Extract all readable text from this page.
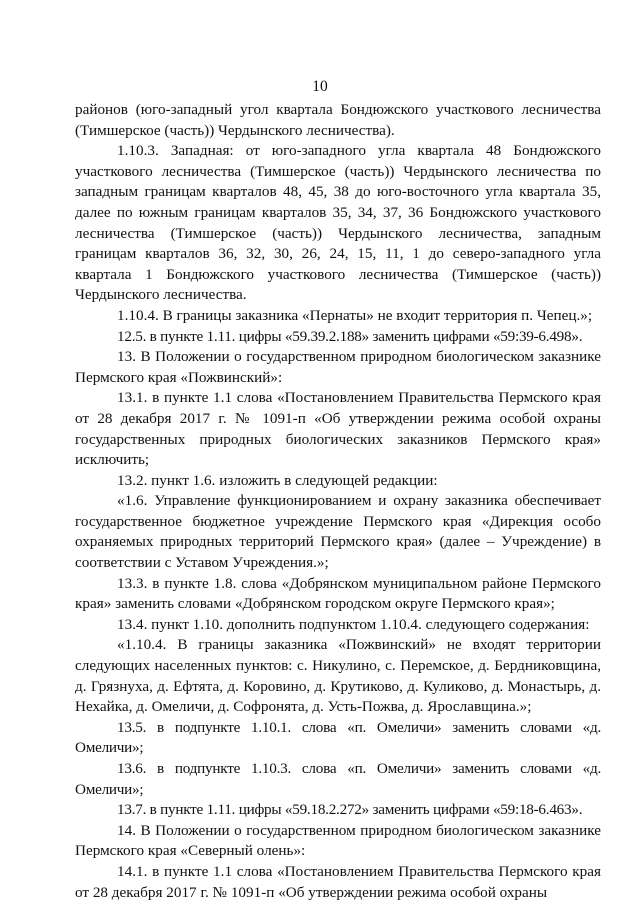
10

районов (юго-западный угол квартала Бондюжского участкового лесничества (Тимшерское (часть)) Чердынского лесничества).

1.10.3. Западная: от юго-западного угла квартала 48 Бондюжского участкового лесничества (Тимшерское (часть)) Чердынского лесничества по западным границам кварталов 48, 45, 38 до юго-восточного угла квартала 35, далее по южным границам кварталов 35, 34, 37, 36 Бондюжского участкового лесничества (Тимшерское (часть)) Чердынского лесничества, западным границам кварталов 36, 32, 30, 26, 24, 15, 11, 1 до северо-западного угла квартала 1 Бондюжского участкового лесничества (Тимшерское (часть)) Чердынского лесничества.

1.10.4. В границы заказника «Пернаты» не входит территория п. Чепец.»;

12.5. в пункте 1.11. цифры «59.39.2.188» заменить цифрами «59:39-6.498».

13. В Положении о государственном природном биологическом заказнике Пермского края «Пожвинский»:

13.1. в пункте 1.1 слова «Постановлением Правительства Пермского края от 28 декабря 2017 г. № 1091-п «Об утверждении режима особой охраны государственных природных биологических заказников Пермского края» исключить;

13.2. пункт 1.6. изложить в следующей редакции:

«1.6. Управление функционированием и охрану заказника обеспечивает государственное бюджетное учреждение Пермского края «Дирекция особо охраняемых природных территорий Пермского края» (далее – Учреждение) в соответствии с Уставом Учреждения.»;

13.3. в пункте 1.8. слова «Добрянском муниципальном районе Пермского края» заменить словами «Добрянском городском округе Пермского края»;

13.4. пункт 1.10. дополнить подпунктом 1.10.4. следующего содержания:

«1.10.4. В границы заказника «Пожвинский» не входят территории следующих населенных пунктов: с. Никулино, с. Перемское, д. Бердниковщина, д. Грязнуха, д. Ефтята, д. Коровино, д. Крутиково, д. Куликово, д. Монастырь, д. Нехайка, д. Омеличи, д. Софронята, д. Усть-Пожва, д. Ярославщина.»;

13.5. в подпункте 1.10.1. слова «п. Омеличи» заменить словами «д. Омеличи»;

13.6. в подпункте 1.10.3. слова «п. Омеличи» заменить словами «д. Омеличи»;

13.7. в пункте 1.11. цифры «59.18.2.272» заменить цифрами «59:18-6.463».

14. В Положении о государственном природном биологическом заказнике Пермского края «Северный олень»:

14.1. в пункте 1.1 слова «Постановлением Правительства Пермского края от 28 декабря 2017 г. № 1091-п «Об утверждении режима особой охраны
